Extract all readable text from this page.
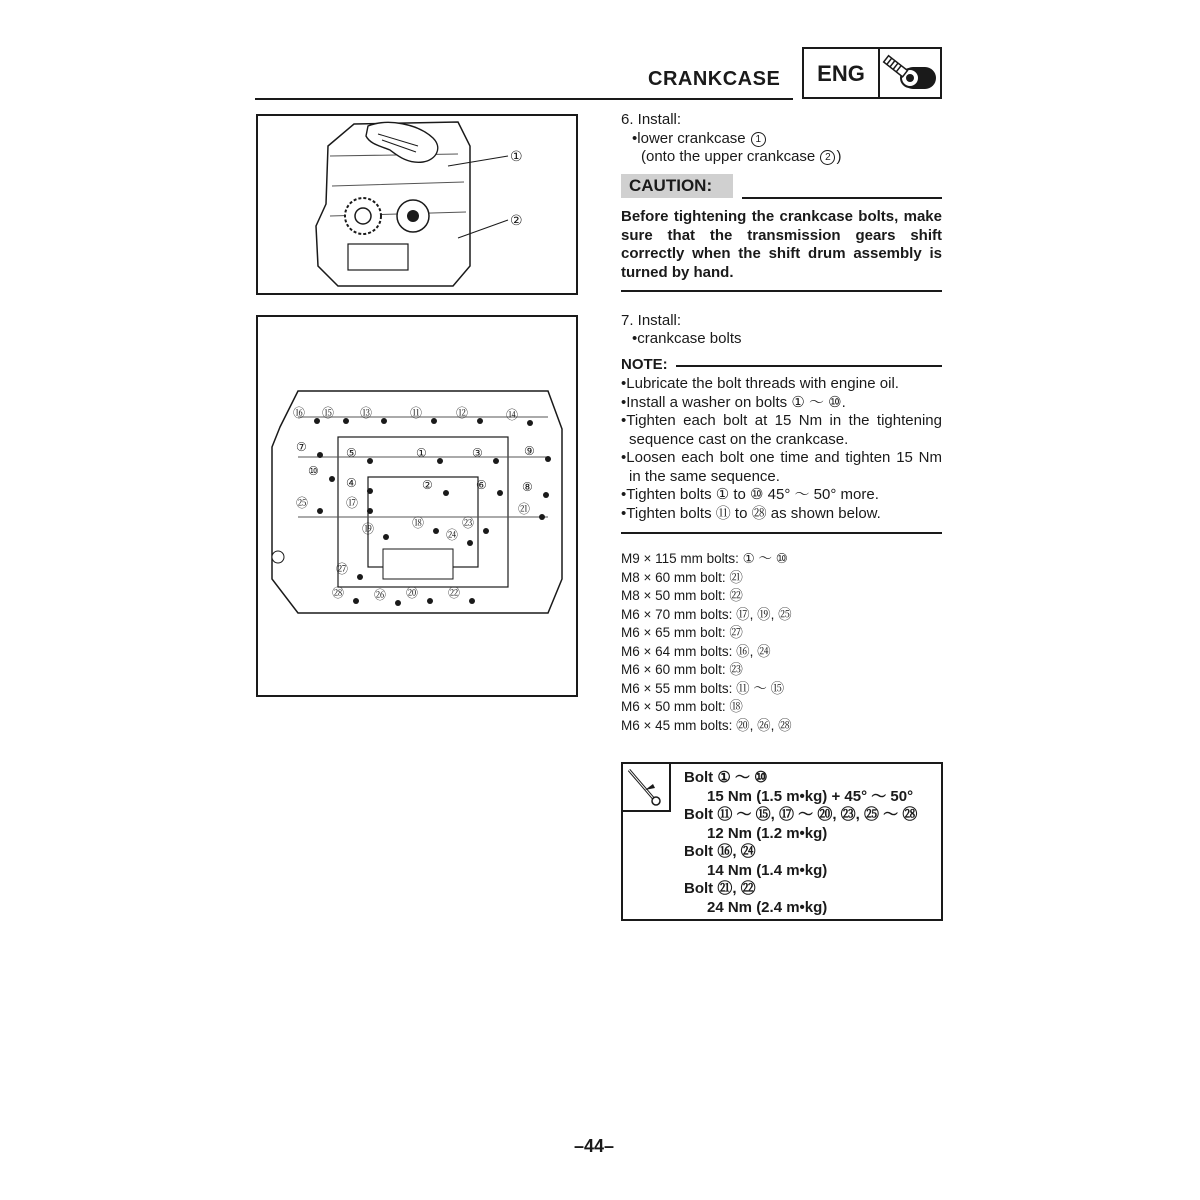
CRANKCASE	ENG
①
②
⑯ ⑮ ⑬	⑪	⑫	⑭
⑦	⑤	①	③	⑨
⑩
④	②	⑥	⑧
㉕	⑰
⑲	⑱	㉓
㉑
㉔
㉗
㉘ ㉖ ⑳ ㉒
6. Install:
•lower crankcase 1
(onto the upper crankcase 2 )
CAUTION:
Before tightening the crankcase bolts, make sure that the transmission gears shift correctly when the shift drum assembly is turned by hand.
7. Install:
•crankcase bolts
NOTE:
•Lubricate the bolt threads with engine oil.
•Install a washer on bolts ① ～ ⑩.
•Tighten each bolt at 15 Nm in the tightening sequence cast on the crankcase.
•Loosen each bolt one time and tighten 15 Nm in the same sequence.
•Tighten bolts ① to ⑩ 45° ～ 50° more.
•Tighten bolts ⑪ to ㉘ as shown below.
M9 × 115 mm bolts: ① ～ ⑩
M8 × 60 mm bolt: ㉑
M8 × 50 mm bolt: ㉒
M6 × 70 mm bolts: ⑰, ⑲, ㉕
M6 × 65 mm bolt: ㉗
M6 × 64 mm bolts: ⑯, ㉔
M6 × 60 mm bolt: ㉓
M6 × 55 mm bolts: ⑪ ～ ⑮
M6 × 50 mm bolt: ⑱
M6 × 45 mm bolts: ⑳, ㉖, ㉘
Bolt ① ～ ⑩
15 Nm (1.5 m•kg) + 45° ～ 50°
Bolt ⑪ ～ ⑮, ⑰ ～ ⑳, ㉓, ㉕ ～ ㉘
12 Nm (1.2 m•kg)
Bolt ⑯, ㉔
14 Nm (1.4 m•kg)
Bolt ㉑, ㉒
24 Nm (2.4 m•kg)
–44–
